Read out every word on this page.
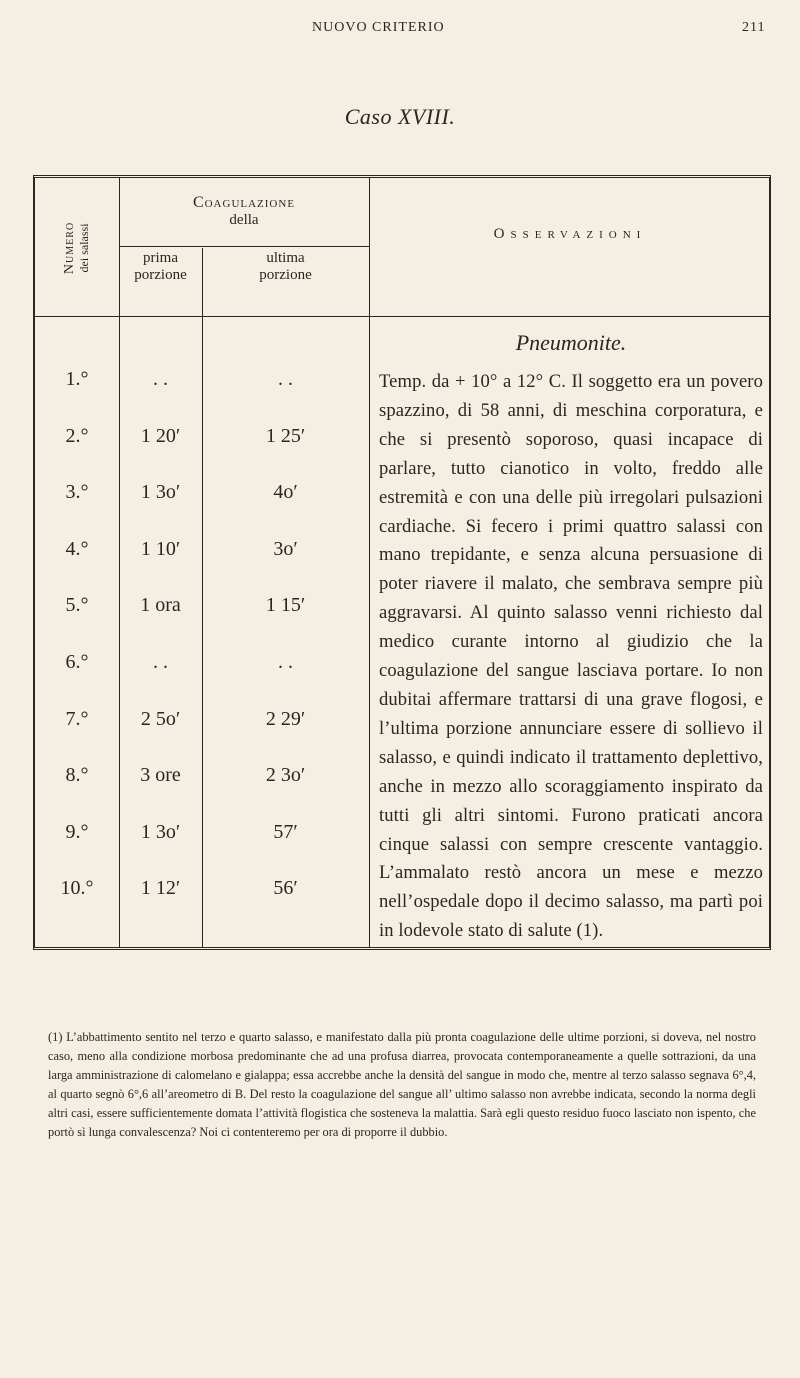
NUOVO CRITERIO	211
Caso XVIII.
Numero dei salassi
Coagulazione
della
prima
porzione
ultima
porzione
Osservazioni
1.°	. .	. .
2.°	1 20′	1 25′
3.°	1 3o′	4o′
4.°	1 10′	3o′
5.°	1 ora	1 15′
6.°	. .	. .
7.°	2 5o′	2 29′
8.°	3 ore	2 3o′
9.°	1 3o′	57′
10.°	1 12′	56′

Pneumonite.

Temp. da + 10° a 12° C. Il soggetto era un povero spazzino, di 58 anni, di meschina corporatura, e che si presentò soporoso, quasi incapace di parlare, tutto cianotico in volto, freddo alle estremità e con una delle più irregolari pulsazioni cardiache. Si fecero i primi quattro salassi con mano trepidante, e senza alcuna persuasione di poter riavere il malato, che sembrava sempre più aggravarsi. Al quinto salasso venni richiesto dal medico curante intorno al giudizio che la coagulazione del sangue lasciava portare. Io non dubitai affermare trattarsi di una grave flogosi, e l’ultima porzione annunciare essere di sollievo il salasso, e quindi indicato il trattamento deplettivo, anche in mezzo allo scoraggiamento inspirato da tutti gli altri sintomi. Furono praticati ancora cinque salassi con sempre crescente vantaggio. L’ammalato restò ancora un mese e mezzo nell’ospedale dopo il decimo salasso, ma partì poi in lodevole stato di salute (1).

(1) L’abbattimento sentito nel terzo e quarto salasso, e manifestato dalla più pronta coagulazione delle ultime porzioni, si doveva, nel nostro caso, meno alla condizione morbosa predominante che ad una profusa diarrea, provocata contemporaneamente a quelle sottrazioni, da una larga amministrazione di calomelano e gialappa; essa accrebbe anche la densità del sangue in modo che, mentre al terzo salasso segnava 6°,4, al quarto segnò 6°,6 all’areometro di B. Del resto la coagulazione del sangue all’ ultimo salasso non avrebbe indicata, secondo la norma degli altri casi, essere sufficientemente domata l’attività flogistica che sosteneva la malattia. Sarà egli questo residuo fuoco lasciato non ispento, che portò sì lunga convalescenza? Noi ci contenteremo per ora di proporre il dubbio.
